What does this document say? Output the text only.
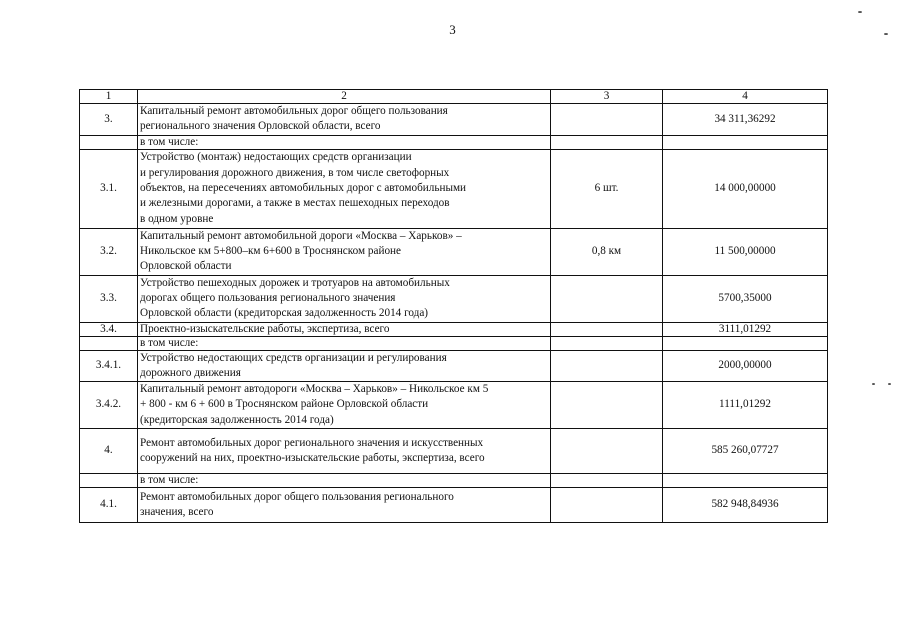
3
1	2	3	4
3.	Капитальный ремонт автомобильных дорог общего пользования
регионального значения Орловской области, всего		34 311,36292

	в том числе:		

3.1.	Устройство (монтаж) недостающих средств организации
и регулирования дорожного движения, в том числе светофорных
объектов, на пересечениях автомобильных дорог с автомобильными
и железными дорогами, а также в местах пешеходных переходов
в одном уровне	6 шт.	14 000,00000
3.2.	Капитальный ремонт автомобильной дороги «Москва – Харьков» –
Никольское км 5+800–км 6+600 в Троснянском районе
Орловской области	0,8 км	11 500,00000
3.3.	Устройство пешеходных дорожек и тротуаров на автомобильных
дорогах общего пользования регионального значения
Орловской области (кредиторская задолженность 2014 года)		5700,35000
3.4.	Проектно-изыскательские работы, экспертиза, всего		3111,01292

	в том числе:		

3.4.1.	Устройство недостающих средств организации и регулирования
дорожного движения		2000,00000
3.4.2.	Капитальный ремонт автодороги «Москва – Харьков» – Никольское км 5
+ 800 - км 6 + 600 в Троснянском районе Орловской области
(кредиторская задолженность 2014 года)		1111,01292
4.	Ремонт автомобильных дорог регионального значения и искусственных
сооружений на них, проектно-изыскательские работы, экспертиза, всего		585 260,07727

	в том числе:		

4.1.	Ремонт автомобильных дорог общего пользования регионального
значения, всего		582 948,84936
